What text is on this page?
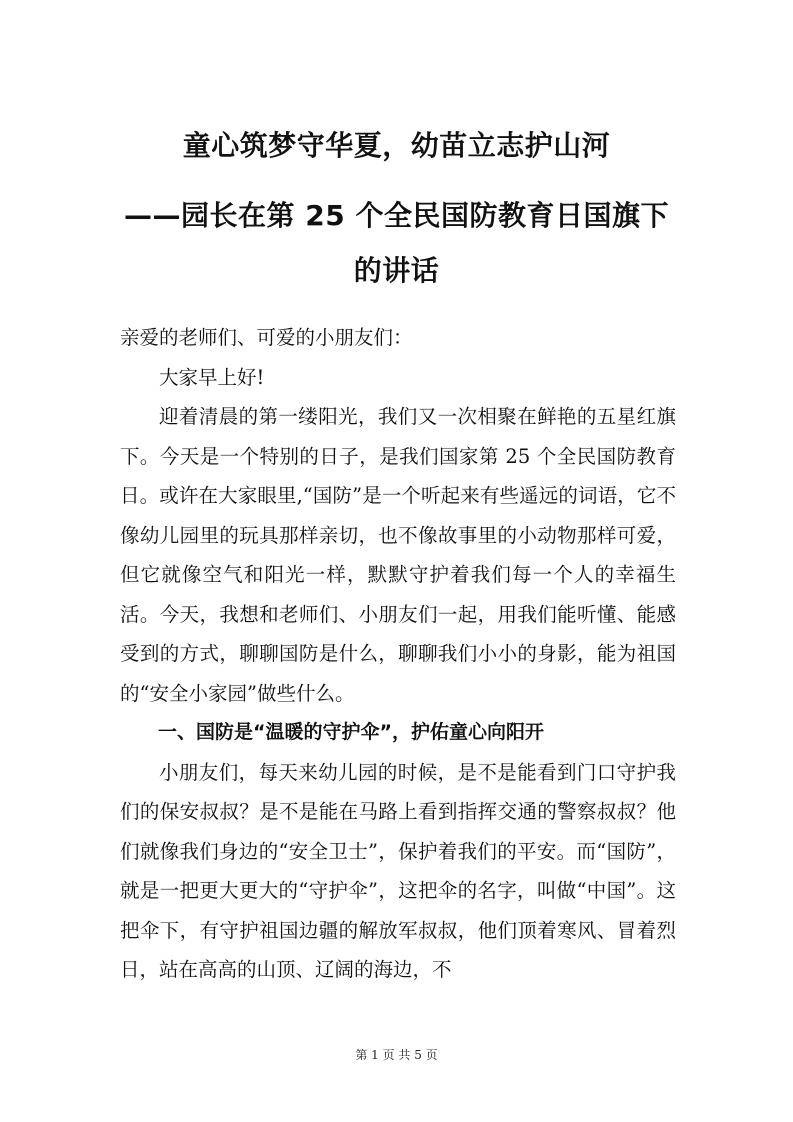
童心筑梦守华夏，幼苗立志护山河
——园长在第 25 个全民国防教育日国旗下
的讲话

亲爱的老师们、可爱的小朋友们：

大家早上好!

迎着清晨的第一缕阳光，我们又一次相聚在鲜艳的五星红旗下。今天是一个特别的日子，是我们国家第 25 个全民国防教育日。或许在大家眼里,“国防”是一个听起来有些遥远的词语，它不像幼儿园里的玩具那样亲切，也不像故事里的小动物那样可爱，但它就像空气和阳光一样，默默守护着我们每一个人的幸福生活。今天，我想和老师们、小朋友们一起，用我们能听懂、能感受到的方式，聊聊国防是什么，聊聊我们小小的身影，能为祖国的“安全小家园”做些什么。

一、国防是“温暖的守护伞”，护佑童心向阳开

小朋友们，每天来幼儿园的时候，是不是能看到门口守护我们的保安叔叔？是不是能在马路上看到指挥交通的警察叔叔？他们就像我们身边的“安全卫士”，保护着我们的平安。而“国防”，就是一把更大更大的“守护伞”，这把伞的名字，叫做“中国”。这把伞下，有守护祖国边疆的解放军叔叔，他们顶着寒风、冒着烈日，站在高高的山顶、辽阔的海边，不

第 1 页 共 5 页
